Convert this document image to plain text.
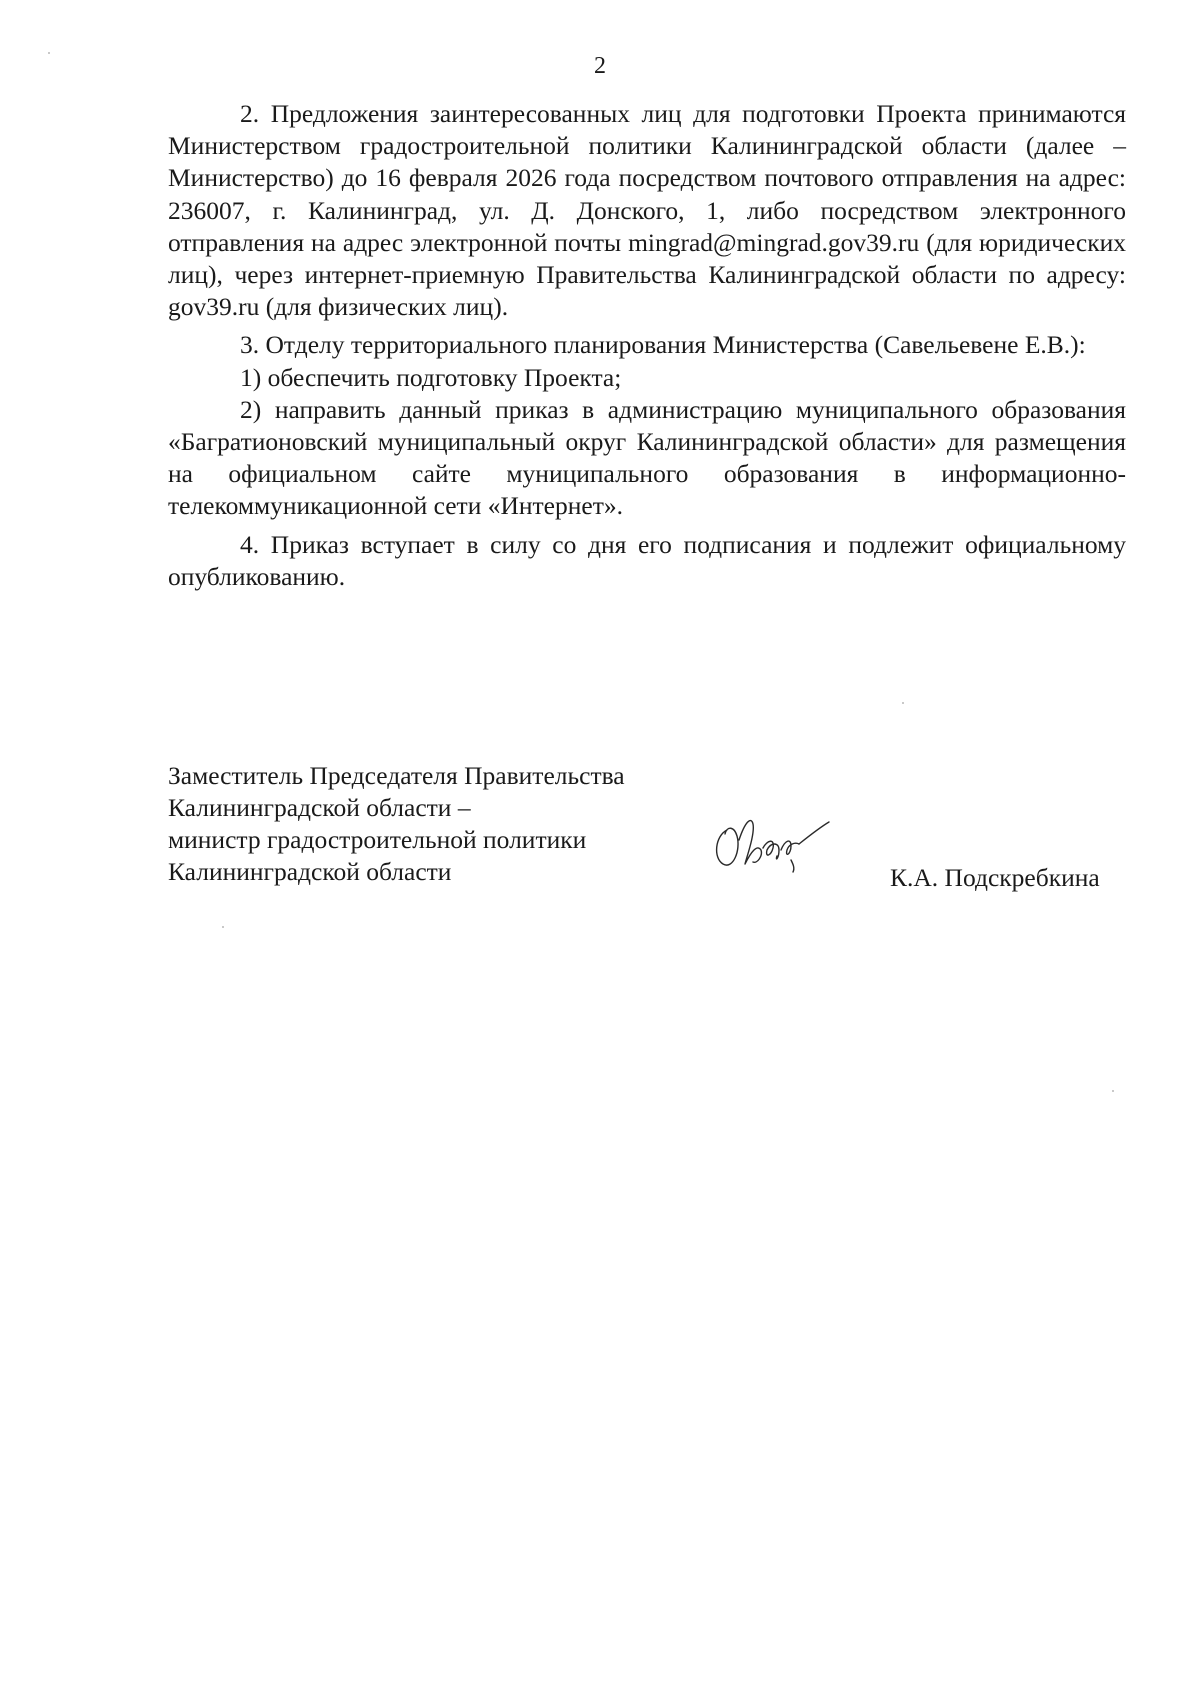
2

2. Предложения заинтересованных лиц для подготовки Проекта принимаются Министерством градостроительной политики Калининградской области (далее – Министерство) до 16 февраля 2026 года посредством почтового отправления на адрес: 236007, г. Калининград, ул. Д. Донского, 1, либо посредством электронного отправления на адрес электронной почты mingrad@mingrad.gov39.ru (для юридических лиц), через интернет-приемную Правительства Калининградской области по адресу: gov39.ru (для физических лиц).

3. Отделу территориального планирования Министерства (Савельевене Е.В.):

1) обеспечить подготовку Проекта;

2) направить данный приказ в администрацию муниципального образования «Багратионовский муниципальный округ Калининградской области» для размещения на официальном сайте муниципального образования в информационно-телекоммуникационной сети «Интернет».

4. Приказ вступает в силу со дня его подписания и подлежит официальному опубликованию.

Заместитель Председателя Правительства
Калининградской области –
министр градостроительной политики
Калининградской области	К.А. Подскребкина
